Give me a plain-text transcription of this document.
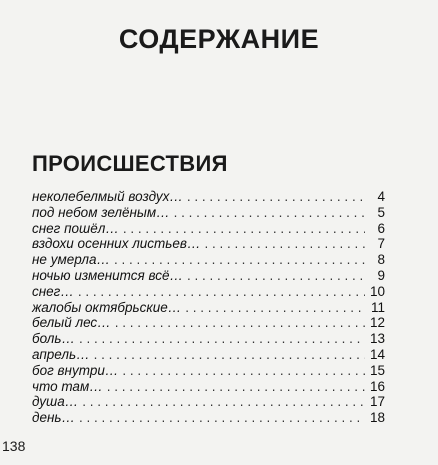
СОДЕРЖАНИЕ
ПРОИСШЕСТВИЯ
неколебелмый воздух… . . .	4
под небом зелёным… . . .	5
снег пошёл… . . .	6
вздохи осенних листьев… . . .	7
не умерла… . . .	8
ночью изменится всё… . . .	9
снег… . . .	10
жалобы октябрьские… . . .	11
белый лес… . . .	12
боль… . . .	13
апрель… . . .	14
бог внутри… . . .	15
что там… . . .	16
душа… . . .	17
день… . . .	18
138
